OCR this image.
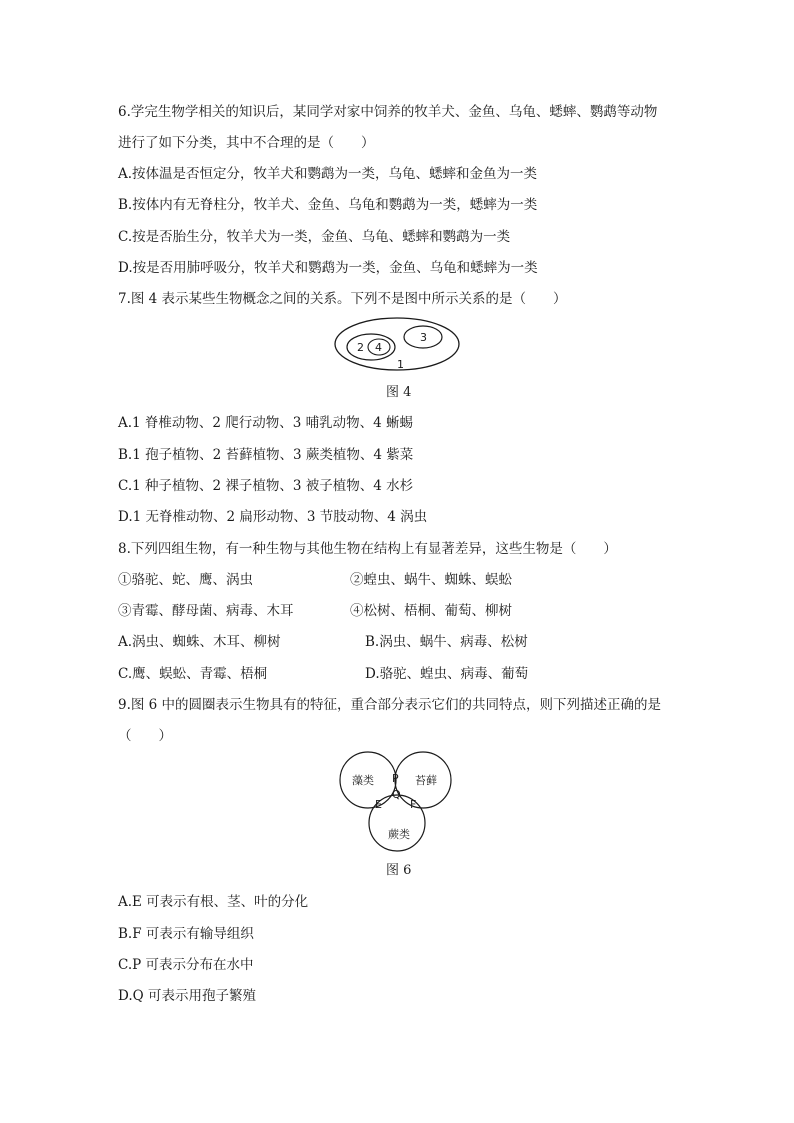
6.学完生物学相关的知识后，某同学对家中饲养的牧羊犬、金鱼、乌龟、蟋蟀、鹦鹉等动物
进行了如下分类，其中不合理的是（　　）
A.按体温是否恒定分，牧羊犬和鹦鹉为一类，乌龟、蟋蟀和金鱼为一类
B.按体内有无脊柱分，牧羊犬、金鱼、乌龟和鹦鹉为一类，蟋蟀为一类
C.按是否胎生分，牧羊犬为一类，金鱼、乌龟、蟋蟀和鹦鹉为一类
D.按是否用肺呼吸分，牧羊犬和鹦鹉为一类，金鱼、乌龟和蟋蟀为一类
7.图 4 表示某些生物概念之间的关系。下列不是图中所示关系的是（　　）
2 4
3
1
图 4
A.1 脊椎动物、2 爬行动物、3 哺乳动物、4 蜥蜴
B.1 孢子植物、2 苔藓植物、3 蕨类植物、4 紫菜
C.1 种子植物、2 裸子植物、3 被子植物、4 水杉
D.1 无脊椎动物、2 扁形动物、3 节肢动物、4 涡虫
8.下列四组生物，有一种生物与其他生物在结构上有显著差异，这些生物是（　　）
①骆驼、蛇、鹰、涡虫	②蝗虫、蜗牛、蜘蛛、蜈蚣
③青霉、酵母菌、病毒、木耳	④松树、梧桐、葡萄、柳树
A.涡虫、蜘蛛、木耳、柳树	B.涡虫、蜗牛、病毒、松树
C.鹰、蜈蚣、青霉、梧桐	D.骆驼、蝗虫、病毒、葡萄
9.图 6 中的圆圈表示生物具有的特征，重合部分表示它们的共同特点，则下列描述正确的是
（　　）
藻类	苔藓
蕨类
P
Q
E	F
图 6
A.E 可表示有根、茎、叶的分化
B.F 可表示有输导组织
C.P 可表示分布在水中
D.Q 可表示用孢子繁殖
